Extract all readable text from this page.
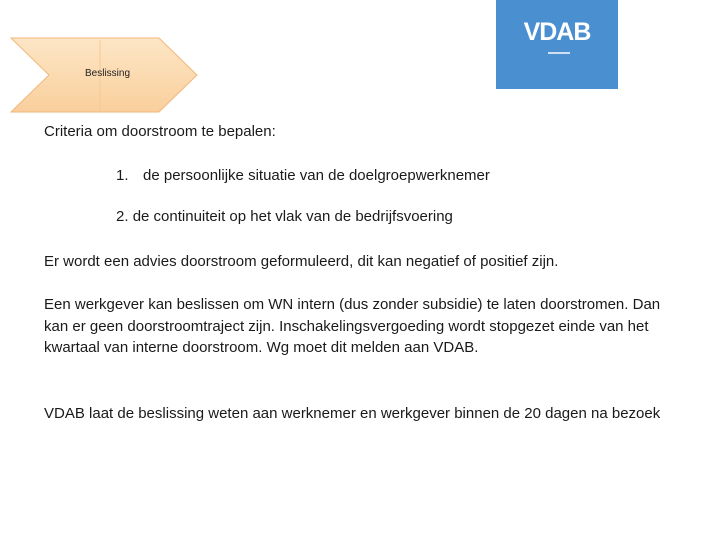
Beslissing
VDAB
Criteria om doorstroom te bepalen:
1. de persoonlijke situatie van de doelgroepwerknemer
2. de continuiteit op het vlak van de bedrijfsvoering
Er wordt een advies doorstroom geformuleerd, dit kan negatief of positief zijn.
Een werkgever kan beslissen om WN intern (dus zonder subsidie) te laten doorstromen. Dan kan er geen doorstroomtraject zijn. Inschakelingsvergoeding wordt stopgezet einde van het kwartaal van interne doorstroom. Wg moet dit melden aan VDAB.
VDAB laat de beslissing weten aan werknemer en werkgever binnen de 20 dagen na bezoek
